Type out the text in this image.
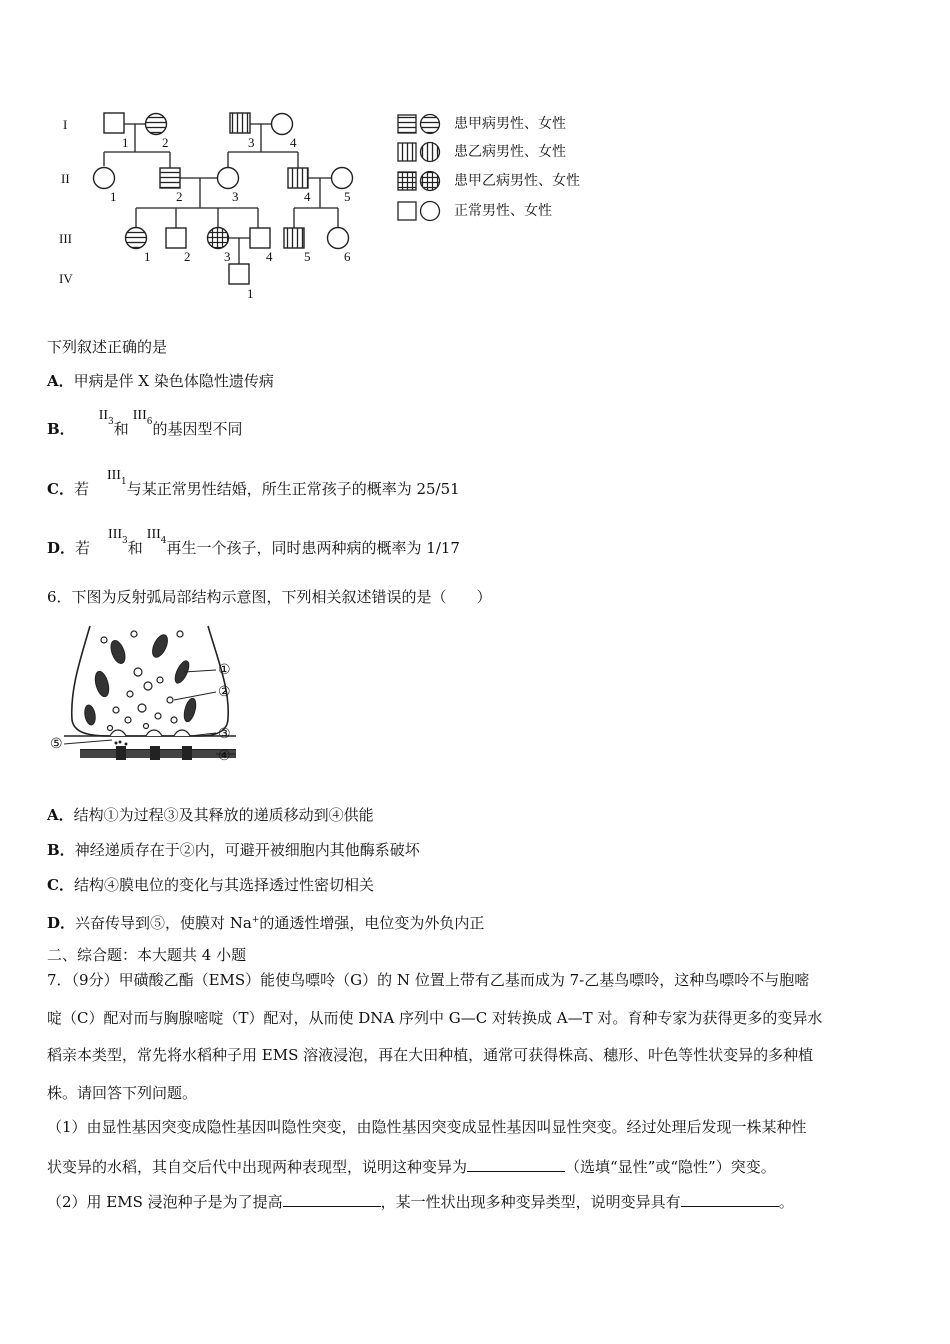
I
II
III
IV
1	2	3	4
1	2	3	4	5
1	2	3	4 5	6
1
患甲病男性、女性
患乙病男性、女性
患甲乙病男性、女性
正常男性、女性
下列叙述正确的是
A．甲病是伴 X 染色体隐性遗传病
B．$II_3$和$III_6$的基因型不同
C．若$III_1$与某正常男性结婚，所生正常孩子的概率为 25/51
D．若$III_3$和$III_4$再生一个孩子，同时患两种病的概率为 1/17
6．下图为反射弧局部结构示意图，下列相关叙述错误的是（　　）
①
②
③
④
⑤
A．结构①为过程③及其释放的递质移动到④供能
B．神经递质存在于②内，可避开被细胞内其他酶系破坏
C．结构④膜电位的变化与其选择透过性密切相关
D．兴奋传导到⑤，使膜对 Na+的通透性增强，电位变为外负内正
二、综合题：本大题共 4 小题
7．（9分）甲磺酸乙酯（EMS）能使鸟嘌呤（G）的 N 位置上带有乙基而成为 7-乙基鸟嘌呤，这种鸟嘌呤不与胞嘧
啶（C）配对而与胸腺嘧啶（T）配对，从而使 DNA 序列中 G—C 对转换成 A—T 对。育种专家为获得更多的变异水
稻亲本类型，常先将水稻种子用 EMS 溶液浸泡，再在大田种植，通常可获得株高、穗形、叶色等性状变异的多种植
株。请回答下列问题。
（1）由显性基因突变成隐性基因叫隐性突变，由隐性基因突变成显性基因叫显性突变。经过处理后发现一株某种性
状变异的水稻，其自交后代中出现两种表现型，说明这种变异为	（选填“显性”或“隐性”）突变。
（2）用 EMS 浸泡种子是为了提高	，某一性状出现多种变异类型，说明变异具有	。
